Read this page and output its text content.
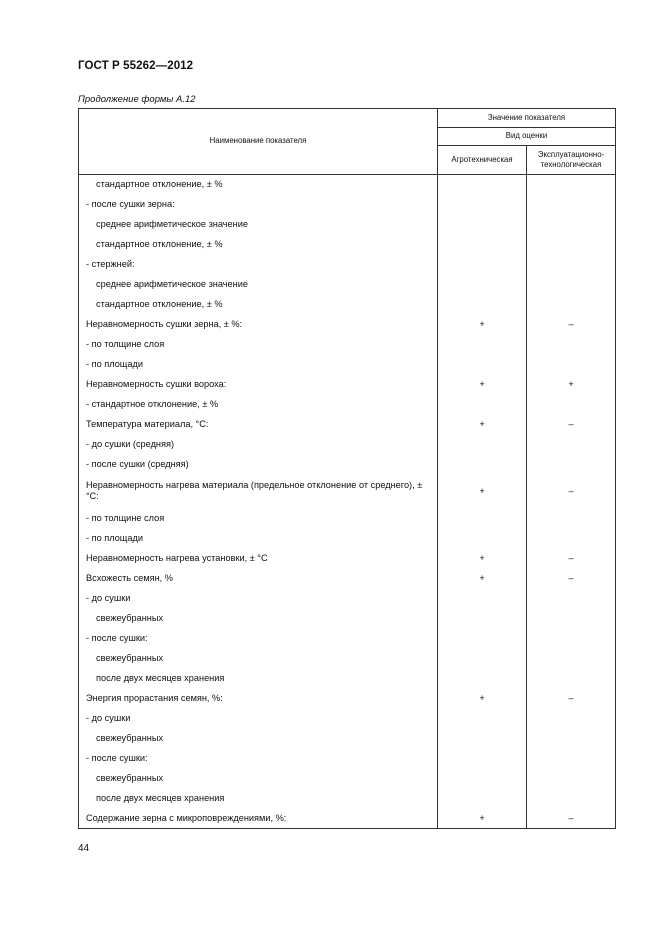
ГОСТ Р 55262—2012
Продолжение формы А.12
Наименование показателя	Значение показателя	
	Вид оценки	
	Агротехническая	Эксплуатационно-технологическая
стандартное отклонение, ± %		
- после сушки зерна:		
среднее арифметическое значение		
стандартное отклонение, ± %		
- стержней:		
среднее арифметическое значение		
стандартное отклонение, ± %		
Неравномерность сушки зерна, ± %:	+	–
- по толщине слоя		
- по площади		
Неравномерность сушки вороха:	+	+
- стандартное отклонение, ± %		
Температура материала, °С:	+	–
- до сушки (средняя)		
- после сушки (средняя)		
Неравномерность нагрева материала (предельное отклонение от среднего), ±°С:	+	–
- по толщине слоя		
- по площади		
Неравномерность нагрева установки, ± °С	+	–
Всхожесть семян, %	+	–
- до сушки		
свежеубранных		
- после сушки:		
свежеубранных		
после двух месяцев хранения		
Энергия прорастания семян, %:	+	–
- до сушки		
свежеубранных		
- после сушки:		
свежеубранных		
после двух месяцев хранения		
Содержание зерна с микроповреждениями, %:	+	–
44
